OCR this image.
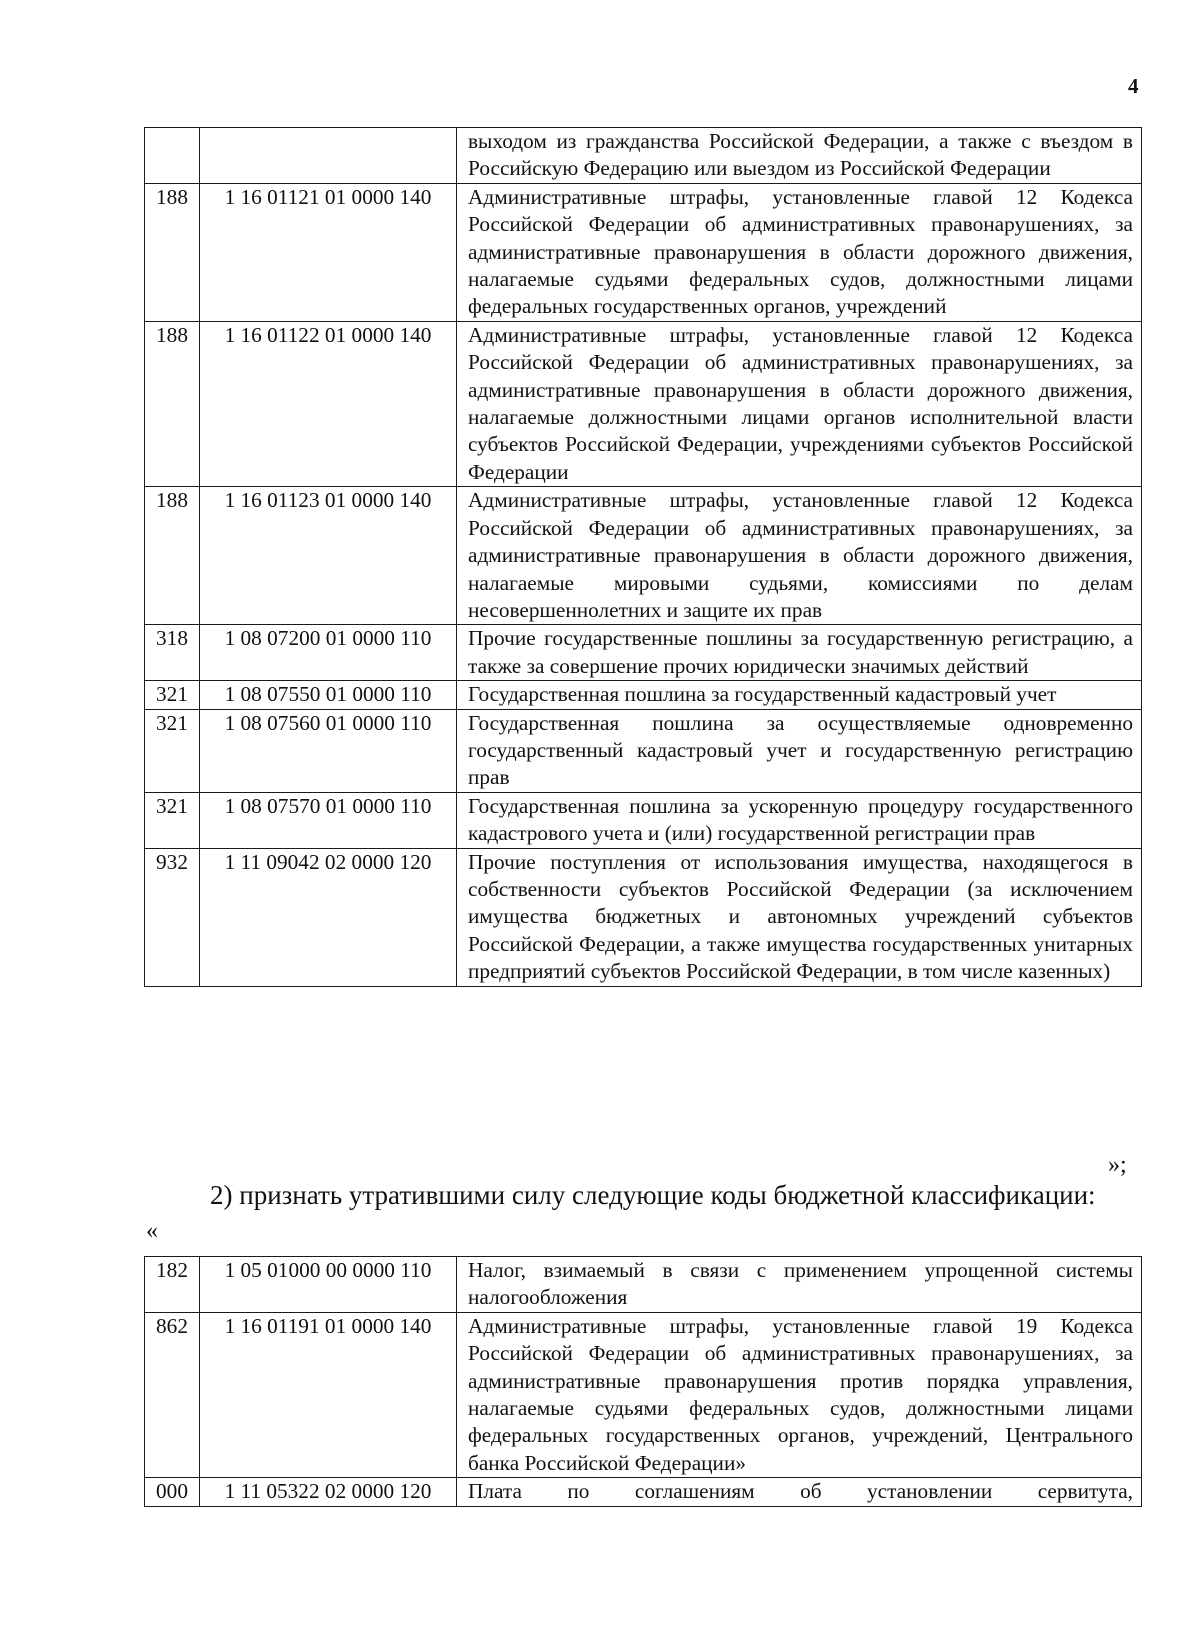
4
		выходом из гражданства Российской Федерации, а также с въездом в Российскую Федерацию или выездом из Российской Федерации
188	1 16 01121 01 0000 140	Административные штрафы, установленные главой 12 Кодекса Российской Федерации об административных правонарушениях, за административные правонарушения в области дорожного движения, налагаемые судьями федеральных судов, должностными лицами федеральных государственных органов, учреждений
188	1 16 01122 01 0000 140	Административные штрафы, установленные главой 12 Кодекса Российской Федерации об административных правонарушениях, за административные правонарушения в области дорожного движения, налагаемые должностными лицами органов исполнительной власти субъектов Российской Федерации, учреждениями субъектов Российской Федерации
188	1 16 01123 01 0000 140	Административные штрафы, установленные главой 12 Кодекса Российской Федерации об административных правонарушениях, за административные правонарушения в области дорожного движения, налагаемые мировыми судьями, комиссиями по делам несовершеннолетних и защите их прав
318	1 08 07200 01 0000 110	Прочие государственные пошлины за государственную регистрацию, а также за совершение прочих юридически значимых действий
321	1 08 07550 01 0000 110	Государственная пошлина за государственный кадастровый учет
321	1 08 07560 01 0000 110	Государственная пошлина за осуществляемые одновременно государственный кадастровый учет и государственную регистрацию прав
321	1 08 07570 01 0000 110	Государственная пошлина за ускоренную процедуру государственного кадастрового учета и (или) государственной регистрации прав
932	1 11 09042 02 0000 120	Прочие поступления от использования имущества, находящегося в собственности субъектов Российской Федерации (за исключением имущества бюджетных и автономных учреждений субъектов Российской Федерации, а также имущества государственных унитарных предприятий субъектов Российской Федерации, в том числе казенных)
»;
2) признать утратившими силу следующие коды бюджетной классификации:
«
182	1 05 01000 00 0000 110	Налог, взимаемый в связи с применением упрощенной системы налогообложения
862	1 16 01191 01 0000 140	Административные штрафы, установленные главой 19 Кодекса Российской Федерации об административных правонарушениях, за административные правонарушения против порядка управления, налагаемые судьями федеральных судов, должностными лицами федеральных государственных органов, учреждений, Центрального банка Российской Федерации»
000	1 11 05322 02 0000 120	Плата по соглашениям об установлении сервитута,
